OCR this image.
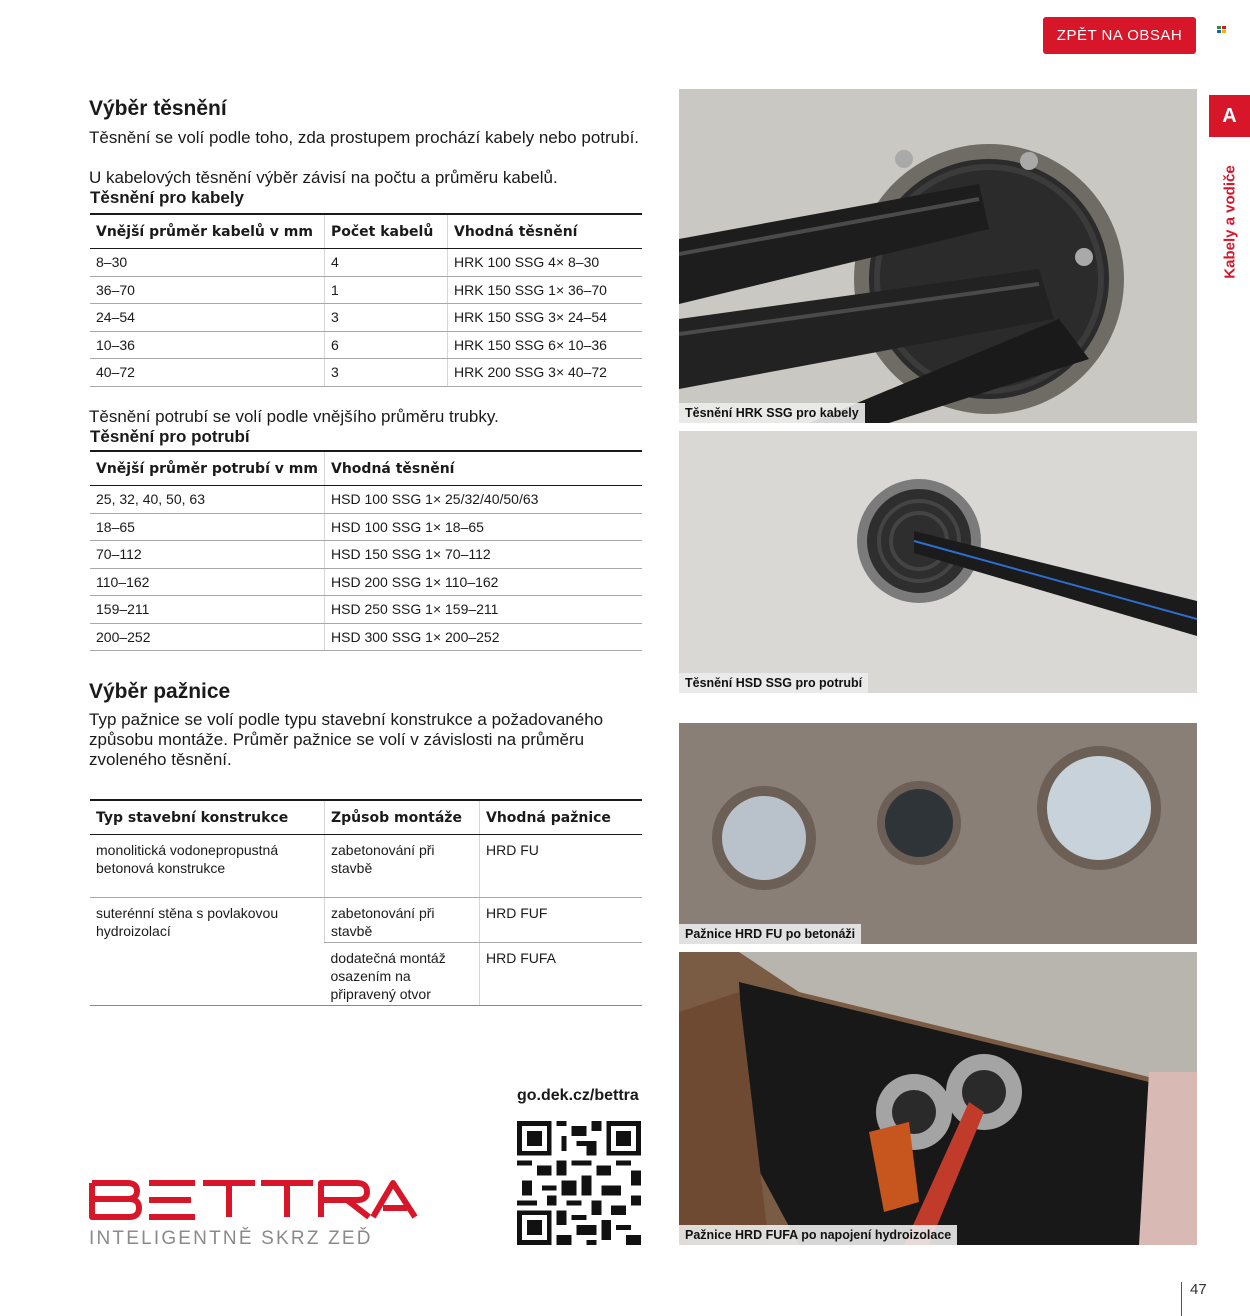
ZPĚT NA OBSAH
A
Kabely a vodiče
Výběr těsnění
Těsnění se volí podle toho, zda prostupem prochází kabely nebo potrubí.
U kabelových těsnění výběr závisí na počtu a průměru kabelů.
Těsnění pro kabely
Vnější průměr kabelů v mm	Počet kabelů	Vhodná těsnění
8–30	4	HRK 100 SSG 4× 8–30
36–70	1	HRK 150 SSG 1× 36–70
24–54	3	HRK 150 SSG 3× 24–54
10–36	6	HRK 150 SSG 6× 10–36
40–72	3	HRK 200 SSG 3× 40–72
Těsnění potrubí se volí podle vnějšího průměru trubky.
Těsnění pro potrubí
Vnější průměr potrubí v mm	Vhodná těsnění
25, 32, 40, 50, 63	HSD 100 SSG 1× 25/32/40/50/63
18–65	HSD 100 SSG 1× 18–65
70–112	HSD 150 SSG 1× 70–112
110–162	HSD 200 SSG 1× 110–162
159–211	HSD 250 SSG 1× 159–211
200–252	HSD 300 SSG 1× 200–252
Výběr pažnice
Typ pažnice se volí podle typu stavební konstrukce a požadovaného
způsobu montáže. Průměr pažnice se volí v závislosti na průměru
zvoleného těsnění.
Typ stavební konstrukce	Způsob montáže	Vhodná pažnice
monolitická vodonepropustná betonová konstrukce	zabetonování při stavbě	HRD FU
suterénní stěna s povlakovou hydroizolací	zabetonování při stavbě	HRD FUF
	dodatečná montáž osazením na připravený otvor	HRD FUFA
Těsnění HRK SSG pro kabely
Těsnění HSD SSG pro potrubí
Pažnice HRD FU po betonáži
Pažnice HRD FUFA po napojení hydroizolace
go.dek.cz/bettra
INTELIGENTNĚ SKRZ ZEĎ
47
